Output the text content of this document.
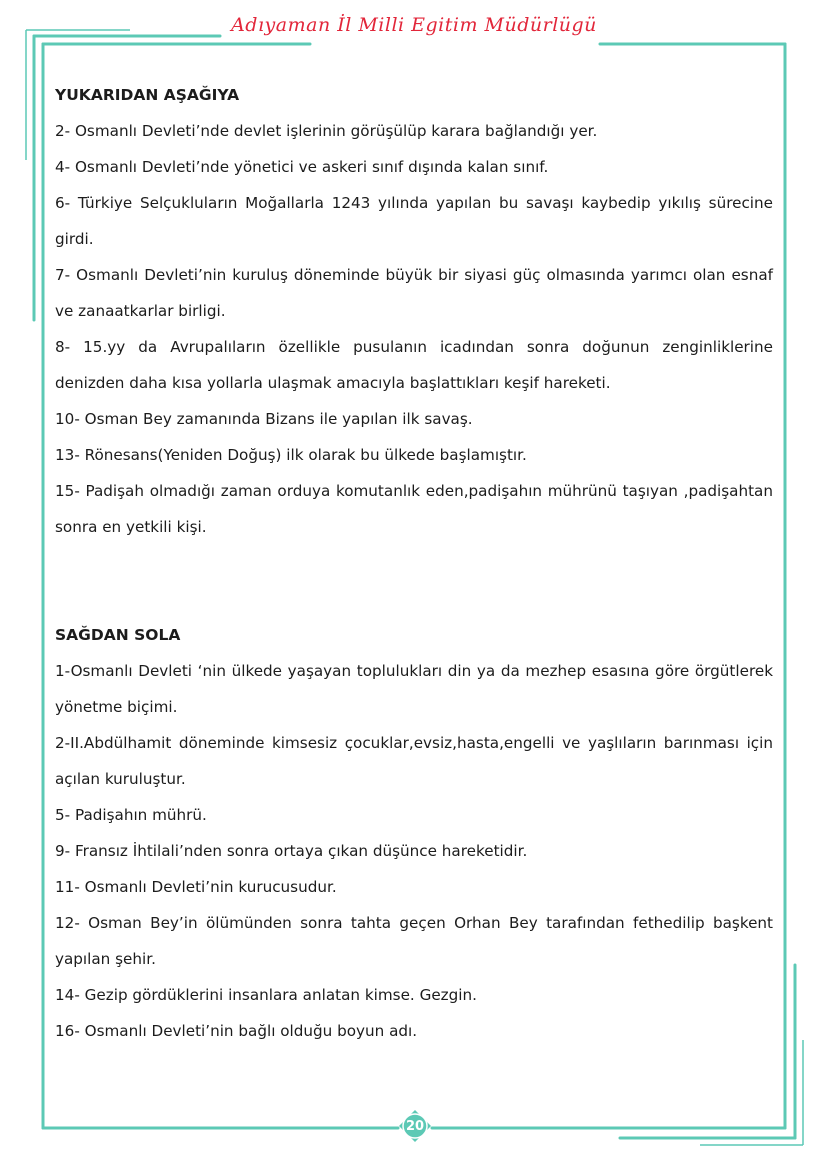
Adıyaman İl Milli Egitim Müdürlügü

YUKARIDAN AŞAĞIYA

2- Osmanlı Devleti’nde devlet işlerinin görüşülüp karara bağlandığı yer.

4- Osmanlı Devleti’nde yönetici ve askeri sınıf dışında kalan sınıf.

6- Türkiye Selçukluların Moğallarla 1243 yılında yapılan bu savaşı kaybedip yıkılış sürecine girdi.

7- Osmanlı Devleti’nin kuruluş döneminde büyük bir siyasi güç olmasında yarımcı olan esnaf ve zanaatkarlar birligi.

8- 15.yy da Avrupalıların özellikle pusulanın icadından sonra doğunun zenginliklerine denizden daha kısa yollarla ulaşmak amacıyla başlattıkları keşif hareketi.

10- Osman Bey zamanında Bizans ile yapılan ilk savaş.

13- Rönesans(Yeniden Doğuş) ilk olarak bu ülkede başlamıştır.

15- Padişah olmadığı zaman orduya komutanlık eden,padişahın mührünü taşıyan ,padişahtan sonra en yetkili kişi.

SAĞDAN SOLA

1-Osmanlı Devleti ‘nin ülkede yaşayan toplulukları din ya da mezhep esasına göre örgütlerek yönetme biçimi.

2-II.Abdülhamit döneminde kimsesiz çocuklar,evsiz,hasta,engelli ve yaşlıların barınması için açılan kuruluştur.

5- Padişahın mührü.

9- Fransız İhtilali’nden sonra ortaya çıkan düşünce hareketidir.

11- Osmanlı Devleti’nin kurucusudur.

12- Osman Bey’in ölümünden sonra tahta geçen Orhan Bey tarafından fethedilip başkent yapılan şehir.

14- Gezip gördüklerini insanlara anlatan kimse. Gezgin.

16- Osmanlı Devleti’nin bağlı olduğu boyun adı.

20
